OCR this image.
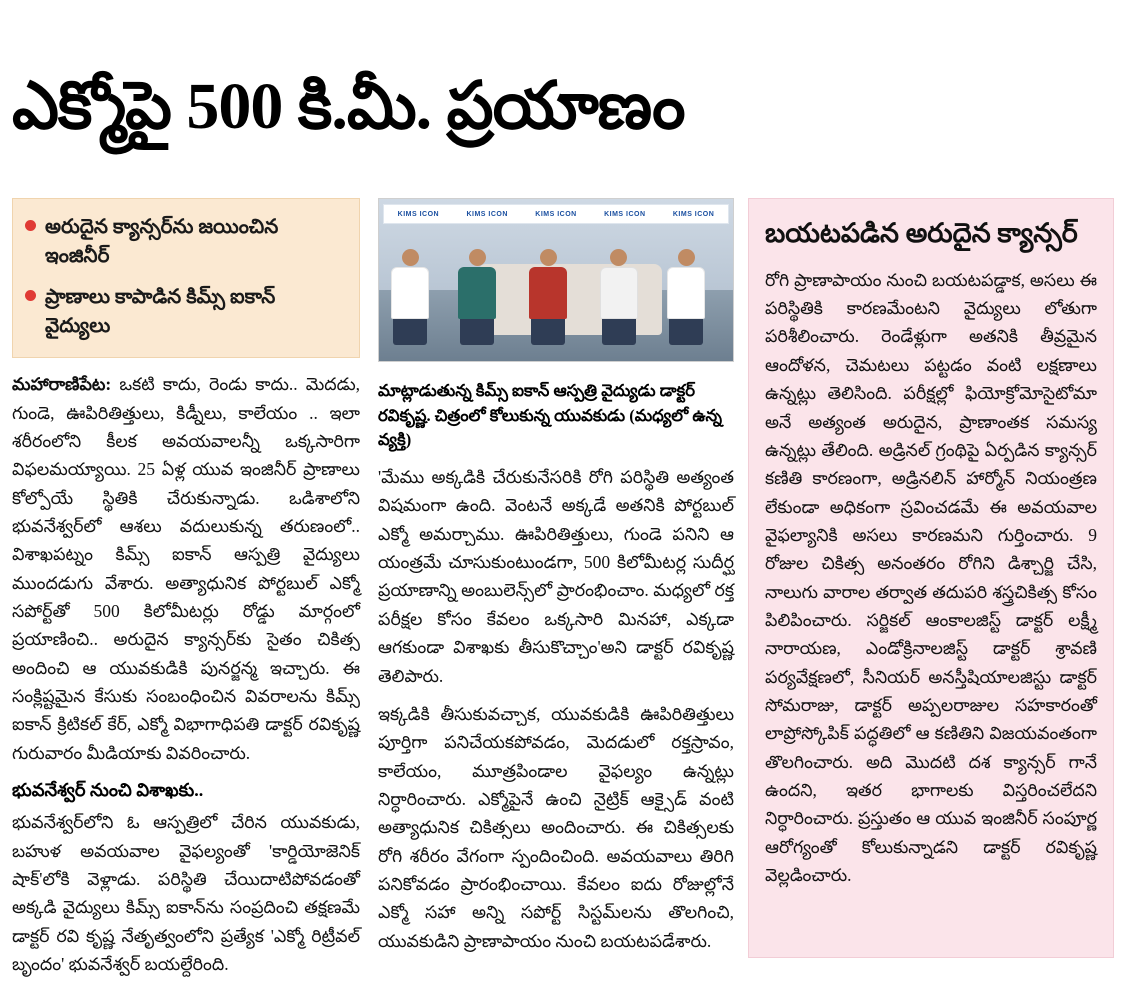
ఎక్మోపై 500 కి.మీ. ప్రయాణం
అరుదైన క్యాన్సర్‌ను జయించిన ఇంజినీర్
ప్రాణాలు కాపాడిన కిమ్స్ ఐకాన్ వైద్యులు

మహారాణిపేట: ఒకటి కాదు, రెండు కాదు.. మెదడు, గుండె, ఊపిరితిత్తులు, కిడ్నీలు, కాలేయం .. ఇలా శరీరంలోని కీలక అవయవాలన్నీ ఒక్కసారిగా విఫలమయ్యాయి. 25 ఏళ్ల యువ ఇంజినీర్ ప్రాణాలు కోల్పోయే స్థితికి చేరుకున్నాడు. ఒడిశాలోని భువనేశ్వర్‌లో ఆశలు వదులుకున్న తరుణంలో.. విశాఖపట్నం కిమ్స్ ఐకాన్ ఆస్పత్రి వైద్యులు ముందడుగు వేశారు. అత్యాధునిక పోర్టబుల్ ఎక్మో సపోర్ట్‌తో 500 కిలోమీటర్లు రోడ్డు మార్గంలో ప్రయాణించి.. అరుదైన క్యాన్సర్‌కు సైతం చికిత్స అందించి ఆ యువకుడికి పునర్జన్మ ఇచ్చారు. ఈ సంక్లిష్టమైన కేసుకు సంబంధించిన వివరాలను కిమ్స్ ఐకాన్ క్రిటికల్ కేర్, ఎక్మో విభాగాధిపతి డాక్టర్ రవికృష్ణ గురువారం మీడియాకు వివరించారు.

భువనేశ్వర్ నుంచి విశాఖకు..

భువనేశ్వర్‌లోని ఓ ఆస్పత్రిలో చేరిన యువకుడు, బహుళ అవయవాల వైఫల్యంతో 'కార్డియోజెనిక్ షాక్'‌లోకి వెళ్లాడు. పరిస్థితి చేయిదాటిపోవడంతో అక్కడి వైద్యులు కిమ్స్ ఐకాన్‌ను సంప్రదించి తక్షణమే డాక్టర్ రవి కృష్ణ నేతృత్వంలోని ప్రత్యేక 'ఎక్మో రిట్రీవల్ బృందం' భువనేశ్వర్ బయల్దేరింది.

KIMS ICON	KIMS ICON	KIMS ICON	KIMS ICON	KIMS ICON

మాట్లాడుతున్న కిమ్స్ ఐకాన్ ఆస్పత్రి వైద్యుడు డాక్టర్ రవికృష్ణ. చిత్రంలో కోలుకున్న యువకుడు (మధ్యలో ఉన్న వ్యక్తి)

'మేము అక్కడికి చేరుకునేసరికి రోగి పరిస్థితి అత్యంత విషమంగా ఉంది. వెంటనే అక్కడే అతనికి పోర్టబుల్ ఎక్మో అమర్చాము. ఊపిరితిత్తులు, గుండె పనిని ఆ యంత్రమే చూసుకుంటుండగా, 500 కిలోమీటర్ల సుదీర్ఘ ప్రయాణాన్ని అంబులెన్స్‌లో ప్రారంభించాం. మధ్యలో రక్త పరీక్షల కోసం కేవలం ఒక్కసారి మినహా, ఎక్కడా ఆగకుండా విశాఖకు తీసుకొచ్చాం'‌అని డాక్టర్ రవికృష్ణ తెలిపారు.

ఇక్కడికి తీసుకువచ్చాక, యువకుడికి ఊపిరితిత్తులు పూర్తిగా పనిచేయకపోవడం, మెదడులో రక్తస్రావం, కాలేయం, మూత్రపిండాల వైఫల్యం ఉన్నట్లు నిర్ధారించారు. ఎక్మోపైనే ఉంచి నైట్రిక్ ఆక్సైడ్ వంటి అత్యాధునిక చికిత్సలు అందించారు. ఈ చికిత్సలకు రోగి శరీరం వేగంగా స్పందించింది. అవయవాలు తిరిగి పనికోవడం ప్రారంభించాయి. కేవలం ఐదు రోజుల్లోనే ఎక్మో సహా అన్ని సపోర్ట్ సిస్టమ్‌లను తొలగించి, యువకుడిని ప్రాణాపాయం నుంచి బయటపడేశారు.

బయటపడిన అరుదైన క్యాన్సర్

రోగి ప్రాణాపాయం నుంచి బయటపడ్డాక, అసలు ఈ పరిస్థితికి కారణమేంటని వైద్యులు లోతుగా పరిశీలించారు. రెండేళ్లుగా అతనికి తీవ్రమైన ఆందోళన, చెమటలు పట్టడం వంటి లక్షణాలు ఉన్నట్లు తెలిసింది. పరీక్షల్లో ఫియోక్రోమోసైటోమా అనే అత్యంత అరుదైన, ప్రాణాంతక సమస్య ఉన్నట్లు తేలింది. అడ్రినల్ గ్రంథిపై ఏర్పడిన క్యాన్సర్ కణితి కారణంగా, అడ్రినలిన్ హార్మోన్ నియంత్రణ లేకుండా అధికంగా స్రవించడమే ఈ అవయవాల వైఫల్యానికి అసలు కారణమని గుర్తించారు. 9 రోజుల చికిత్స అనంతరం రోగిని డిశ్చార్జి చేసి, నాలుగు వారాల తర్వాత తదుపరి శస్త్రచికిత్స కోసం పిలిపించారు. సర్జికల్ ఆంకాలజిస్ట్ డాక్టర్ లక్ష్మీ నారాయణ, ఎండోక్రినాలజిస్ట్ డాక్టర్ శ్రావణి పర్యవేక్షణలో, సీనియర్ అనస్తీషియాలజిస్టు డాక్టర్ సోమరాజు, డాక్టర్ అప్పలరాజుల సహకారంతో లాప్రోస్కోపిక్ పద్ధతిలో ఆ కణితిని విజయవంతంగా తొలగించారు. అది మొదటి దశ క్యాన్సర్ గానే ఉందని, ఇతర భాగాలకు విస్తరించలేదని నిర్ధారించారు. ప్రస్తుతం ఆ యువ ఇంజినీర్ సంపూర్ణ ఆరోగ్యంతో కోలుకున్నాడని డాక్టర్ రవికృష్ణ వెల్లడించారు.
